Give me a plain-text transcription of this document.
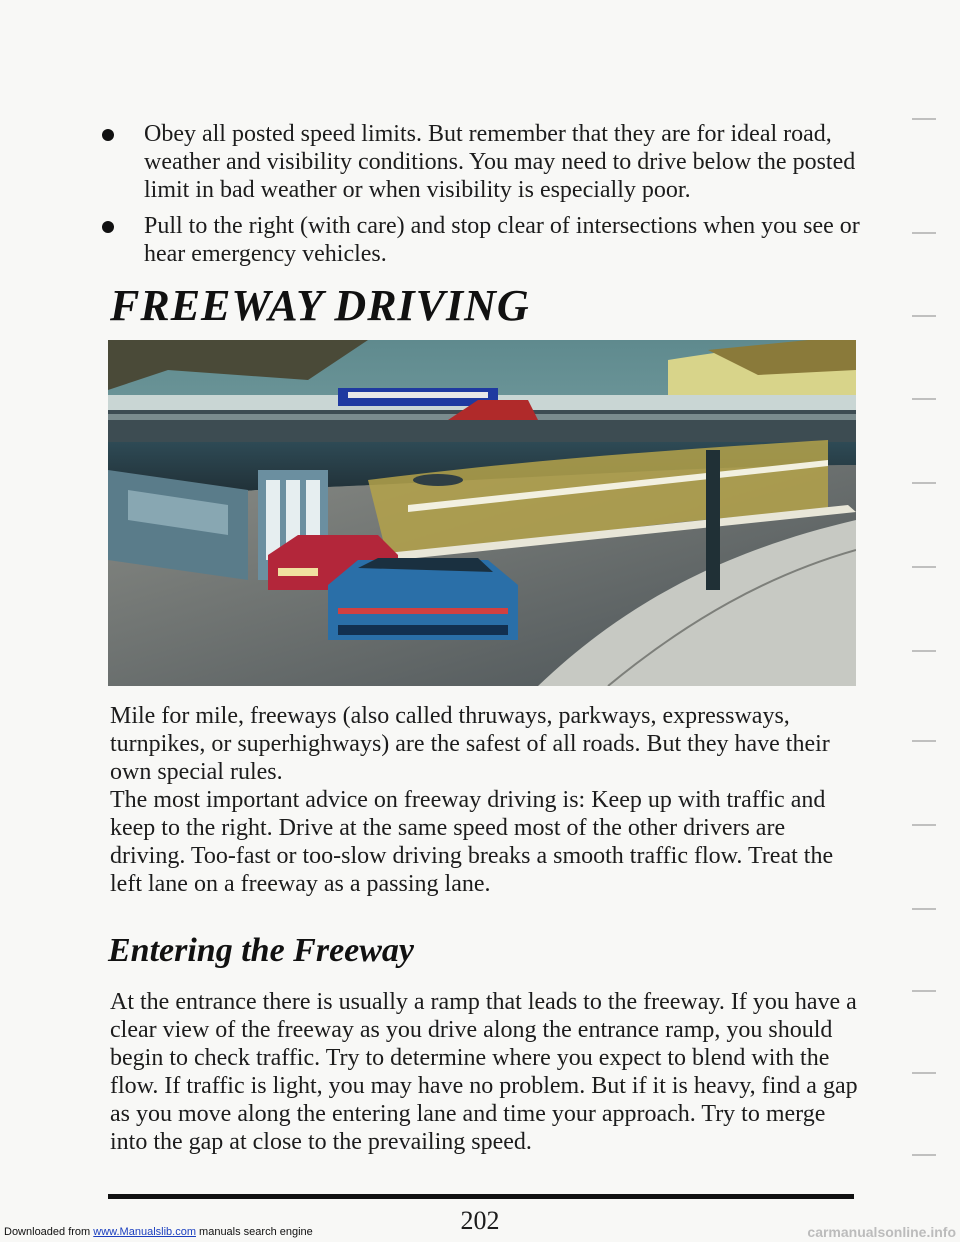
Obey all posted speed limits. But remember that they are for ideal road, weather and visibility conditions. You may need to drive below the posted limit in bad weather or when visibility is especially poor.
Pull to the right (with care) and stop clear of intersections when you see or hear emergency vehicles.
FREEWAY DRIVING

Mile for mile, freeways (also called thruways, parkways, expressways, turnpikes, or superhighways) are the safest of all roads. But they have their own special rules.

The most important advice on freeway driving is: Keep up with traffic and keep to the right. Drive at the same speed most of the other drivers are driving. Too-fast or too-slow driving breaks a smooth traffic flow. Treat the left lane on a freeway as a passing lane.

Entering the Freeway

At the entrance there is usually a ramp that leads to the freeway. If you have a clear view of the freeway as you drive along the entrance ramp, you should begin to check traffic. Try to determine where you expect to blend with the flow. If traffic is light, you may have no problem. But if it is heavy, find a gap as you move along the entering lane and time your approach. Try to merge into the gap at close to the prevailing speed.

202
Downloaded from www.Manualslib.com manuals search engine	carmanualsonline.info
